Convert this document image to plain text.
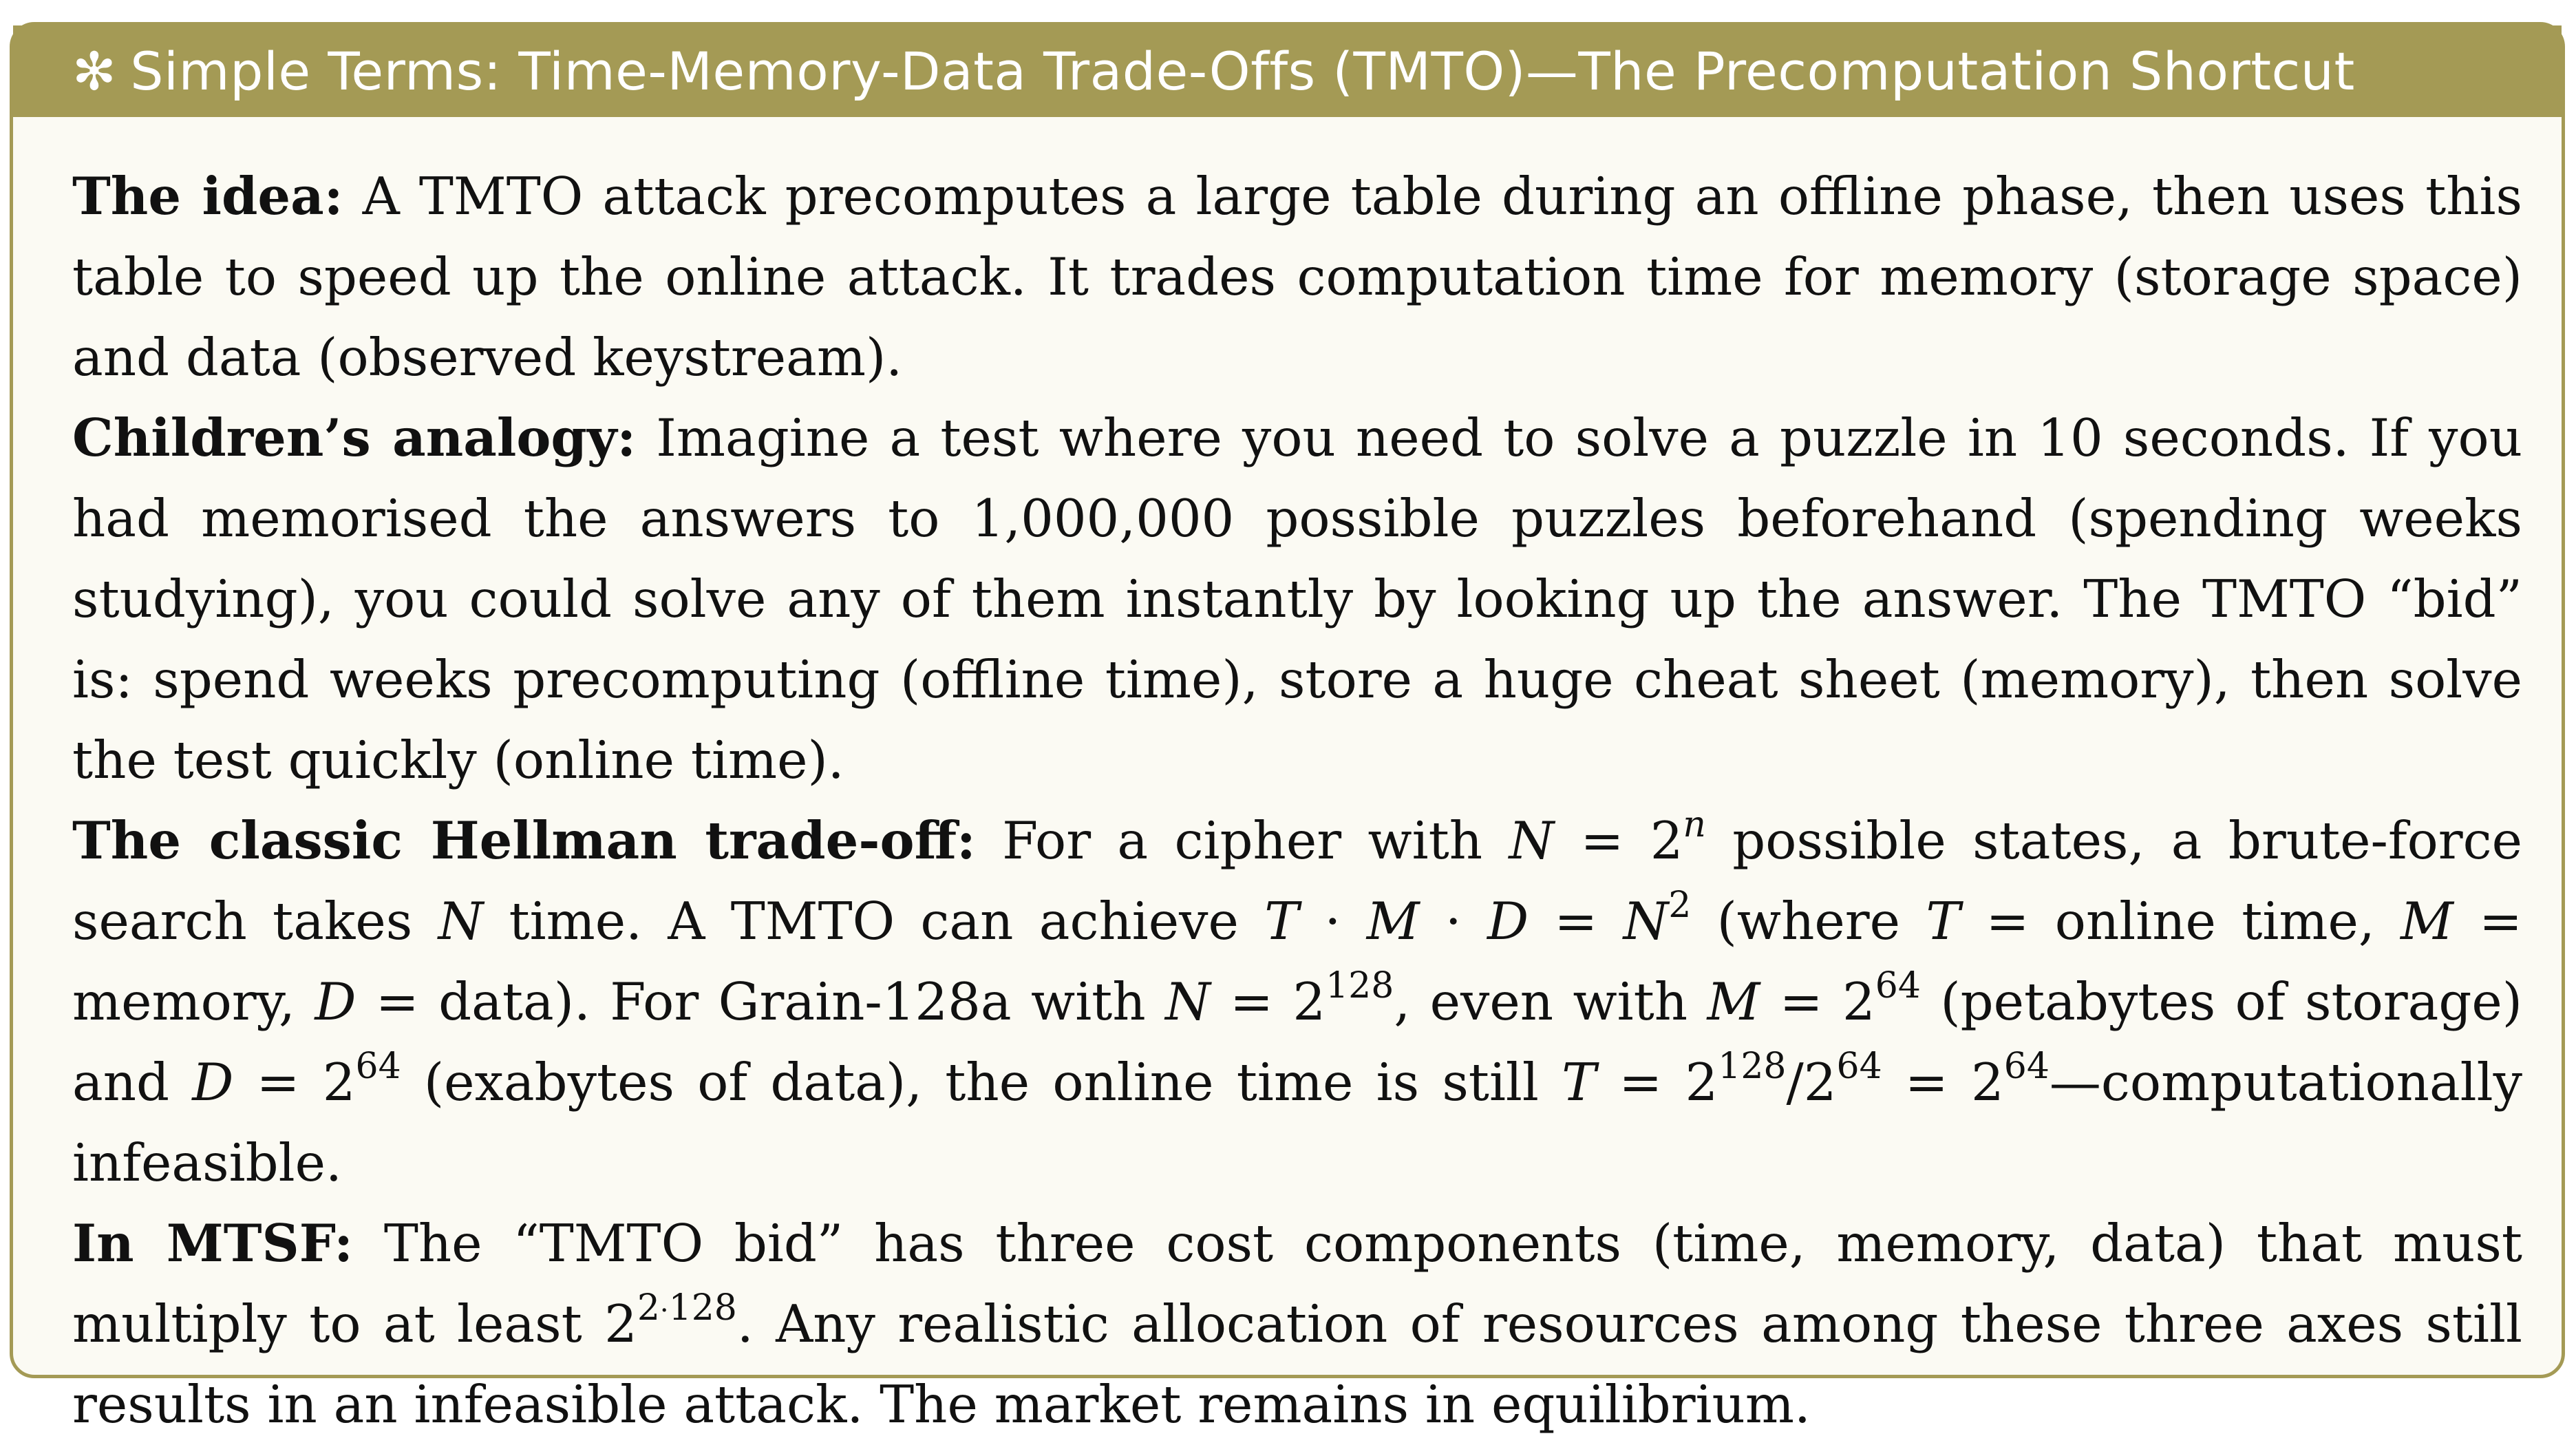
✻ Simple Terms: Time-Memory-Data Trade-Offs (TMTO)—The Precomputation Shortcut

The idea: A TMTO attack precomputes a large table during an offline phase, then uses this table to speed up the online attack. It trades computation time for memory (storage space) and data (observed keystream).

Children’s analogy: Imagine a test where you need to solve a puzzle in 10 seconds. If you had memorised the answers to 1,000,000 possible puzzles beforehand (spending weeks studying), you could solve any of them instantly by looking up the answer. The TMTO “bid” is: spend weeks precomputing (offline time), store a huge cheat sheet (memory), then solve the test quickly (online time).

The classic Hellman trade-off: For a cipher with $N = 2^n$ possible states, a brute-force search takes N time. A TMTO can achieve $T \cdot M \cdot D = N^2$ (where T = online time, M = memory, D = data). For Grain-128a with $N = 2^{128}$, even with $M = 2^{64}$ (petabytes of storage) and $D = 2^{64}$ (exabytes of data), the online time is still $T = 2^{128}/2^{64}$ = $2^{64}—computationally$ infeasible.

In MTSF: The “TMTO bid” has three cost components (time, memory, data) that must multiply to at least $2^{2\cdot 128}$. Any realistic allocation of resources among these three axes still results in an infeasible attack. The market remains in equilibrium.
